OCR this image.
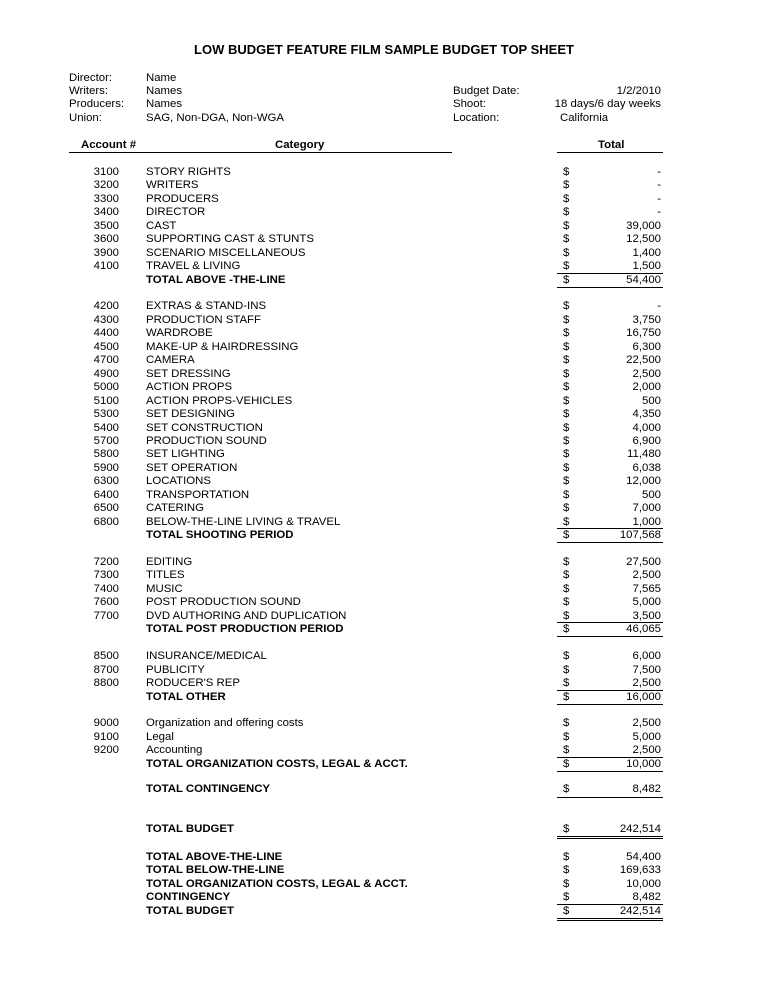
LOW BUDGET FEATURE FILM SAMPLE BUDGET TOP SHEET
Director:	Name
Writers:	Names
Producers: Names
Union:	SAG, Non-DGA, Non-WGA
Budget Date:	1/2/2010
Shoot:	18 days/6 day weeks
Location:	California
Account #	Category	Total
3100 STORY RIGHTS	$	-
3200 WRITERS	$	-
3300 PRODUCERS	$	-
3400 DIRECTOR	$	-
3500 CAST	$	39,000
3600 SUPPORTING CAST & STUNTS	$	12,500
3900 SCENARIO MISCELLANEOUS	$	1,400
4100 TRAVEL & LIVING	$	1,500
TOTAL ABOVE -THE-LINE	$	54,400
4200 EXTRAS & STAND-INS	$	-
4300 PRODUCTION STAFF	$	3,750
4400 WARDROBE	$	16,750
4500 MAKE-UP & HAIRDRESSING	$	6,300
4700 CAMERA	$	22,500
4900 SET DRESSING	$	2,500
5000 ACTION PROPS	$	2,000
5100 ACTION PROPS-VEHICLES	$	500
5300 SET DESIGNING	$	4,350
5400 SET CONSTRUCTION	$	4,000
5700 PRODUCTION SOUND	$	6,900
5800 SET LIGHTING	$	11,480
5900 SET OPERATION	$	6,038
6300 LOCATIONS	$	12,000
6400 TRANSPORTATION	$	500
6500 CATERING	$	7,000
6800 BELOW-THE-LINE LIVING & TRAVEL	$	1,000
TOTAL SHOOTING PERIOD	$	107,568
7200 EDITING	$	27,500
7300 TITLES	$	2,500
7400 MUSIC	$	7,565
7600 POST PRODUCTION SOUND	$	5,000
7700 DVD AUTHORING AND DUPLICATION	$	3,500
TOTAL POST PRODUCTION PERIOD	$	46,065
8500 INSURANCE/MEDICAL	$	6,000
8700 PUBLICITY	$	7,500
8800 RODUCER'S REP	$	2,500
TOTAL OTHER	$	16,000
9000 Organization and offering costs	$	2,500
9100 Legal	$	5,000
9200 Accounting	$	2,500
TOTAL ORGANIZATION COSTS, LEGAL & ACCT.	$	10,000
TOTAL CONTINGENCY	$	8,482
TOTAL BUDGET	$	242,514
TOTAL ABOVE-THE-LINE	$	54,400
TOTAL BELOW-THE-LINE	$	169,633
TOTAL ORGANIZATION COSTS, LEGAL & ACCT.	$	10,000
CONTINGENCY	$	8,482
TOTAL BUDGET	$	242,514
